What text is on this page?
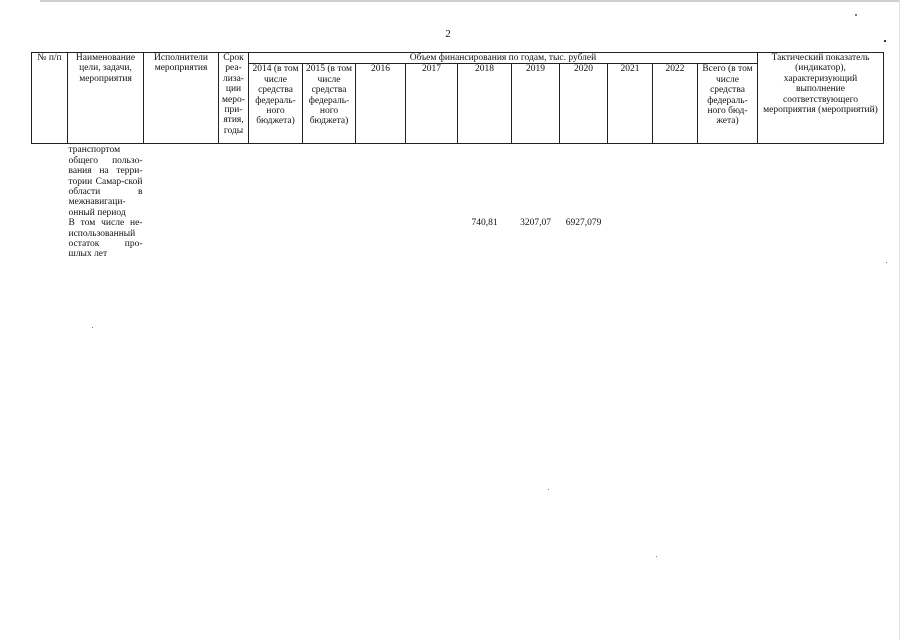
2
№ п/п	Наименование цели, задачи, мероприятия	Исполнители мероприятия	Срок реа-лиза-ции меро-при-ятия, годы	Объем финансирования по годам, тыс. рублей										Тактический показатель (индикатор), характеризующий выполнение соответствующего мероприятия (мероприятий)
				2014 (в том числе средства федераль-ного бюджета)	2015 (в том числе средства федераль-ного бюджета)	2016	2017	2018	2019	2020	2021	2022	Всего (в том числе средства федераль-ного бюд-жета)	

	транспортом общего пользо-вания на терри-тории Самар-ской области в межнавигаци-онный период
В том числе не-использованный остаток про-шлых лет							740,81	3207,07	6927,079				
